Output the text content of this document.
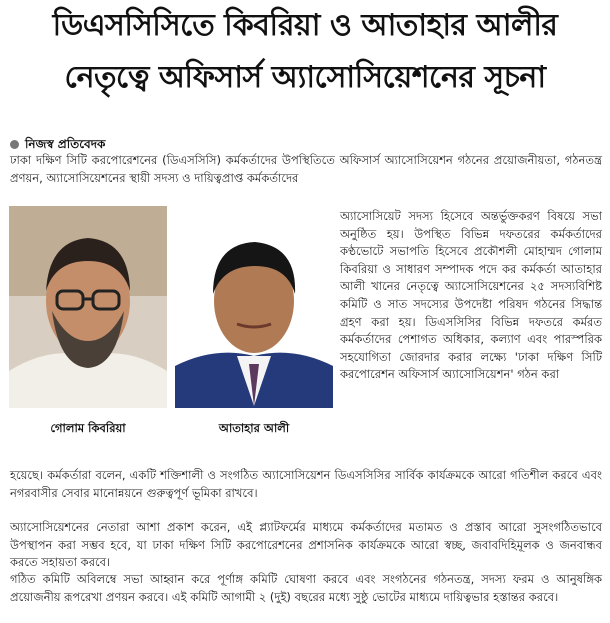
ডিএসসিসিতে কিবরিয়া ও আতাহার আলীর
নেতৃত্বে অফিসার্স অ্যাসোসিয়েশনের সূচনা
নিজস্ব প্রতিবেদক
ঢাকা দক্ষিণ সিটি করপোরেশনের (ডিএসসিসি) কর্মকর্তাদের উপস্থিতিতে অফিসার্স অ্যাসোসিয়েশন গঠনের প্রয়োজনীয়তা, গঠনতন্ত্র প্রণয়ন, অ্যাসোসিয়েশনের স্থায়ী সদস্য ও দায়িত্বপ্রাপ্ত কর্মকর্তাদের
অ্যাসোসিয়েট সদস্য হিসেবে অন্তর্ভুক্তকরণ বিষয়ে সভা অনুষ্ঠিত হয়। উপস্থিত বিভিন্ন দফতরের কর্মকর্তাদের কণ্ঠভোটে সভাপতি হিসেবে প্রকৌশলী মোহাম্মদ গোলাম কিবরিয়া ও সাধারণ সম্পাদক পদে কর কর্মকর্তা আতাহার আলী খানের নেতৃত্বে অ্যাসোসিয়েশনের ২৫ সদস্যবিশিষ্ট কমিটি ও সাত সদস্যের উপদেষ্টা পরিষদ গঠনের সিদ্ধান্ত গ্রহণ করা হয়। ডিএসসিসির বিভিন্ন দফতরে কর্মরত কর্মকর্তাদের পেশাগত অধিকার, কল্যাণ এবং পারস্পরিক সহযোগিতা জোরদার করার লক্ষ্যে 'ঢাকা দক্ষিণ সিটি করপোরেশন অফিসার্স অ্যাসোসিয়েশন' গঠন করা
গোলাম কিবরিয়া	আতাহার আলী
হয়েছে। কর্মকর্তারা বলেন, একটি শক্তিশালী ও সংগঠিত অ্যাসোসিয়েশন ডিএসসিসির সার্বিক কার্যক্রমকে আরো গতিশীল করবে এবং নগরবাসীর সেবার মানোন্নয়নে গুরুত্বপূর্ণ ভূমিকা রাখবে।
অ্যাসোসিয়েশনের নেতারা আশা প্রকাশ করেন, এই প্ল্যাটফর্মের মাধ্যমে কর্মকর্তাদের মতামত ও প্রস্তাব আরো সুসংগঠিতভাবে উপস্থাপন করা সম্ভব হবে, যা ঢাকা দক্ষিণ সিটি করপোরেশনের প্রশাসনিক কার্যক্রমকে আরো স্বচ্ছ, জবাবদিহিমূলক ও জনবান্ধব করতে সহায়তা করবে।
গঠিত কমিটি অবিলম্বে সভা আহ্বান করে পূর্ণাঙ্গ কমিটি ঘোষণা করবে এবং সংগঠনের গঠনতন্ত্র, সদস্য ফরম ও আনুষঙ্গিক প্রয়োজনীয় রূপরেখা প্রণয়ন করবে। এই কমিটি আগামী ২ (দুই) বছরের মধ্যে সুষ্ঠু ভোটের মাধ্যমে দায়িত্বভার হস্তান্তর করবে।
